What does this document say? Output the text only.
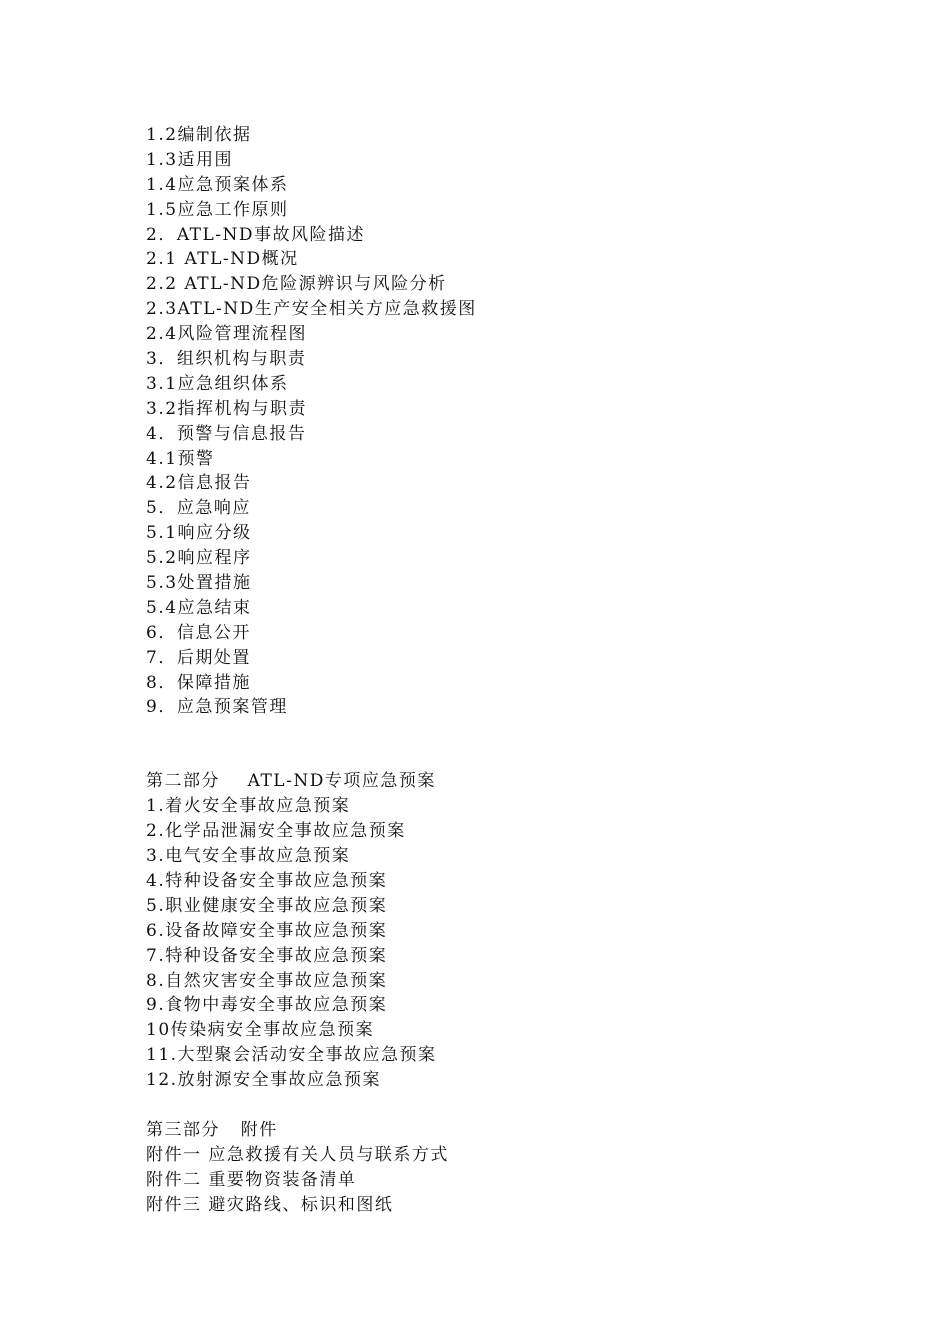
1.2编制依据
1.3适用围
1.4应急预案体系
1.5应急工作原则
2．ATL-ND事故风险描述
2.1 ATL-ND概况
2.2 ATL-ND危险源辨识与风险分析
2.3ATL-ND生产安全相关方应急救援图
2.4风险管理流程图
3．组织机构与职责
3.1应急组织体系
3.2指挥机构与职责
4．预警与信息报告
4.1预警
4.2信息报告
5．应急响应
5.1响应分级
5.2响应程序
5.3处置措施
5.4应急结束
6．信息公开
7．后期处置
8．保障措施
9．应急预案管理
第二部分    ATL-ND专项应急预案
1.着火安全事故应急预案
2.化学品泄漏安全事故应急预案
3.电气安全事故应急预案
4.特种设备安全事故应急预案
5.职业健康安全事故应急预案
6.设备故障安全事故应急预案
7.特种设备安全事故应急预案
8.自然灾害安全事故应急预案
9.食物中毒安全事故应急预案
10传染病安全事故应急预案
11.大型聚会活动安全事故应急预案
12.放射源安全事故应急预案
第三部分   附件
附件一 应急救援有关人员与联系方式
附件二 重要物资装备清单
附件三 避灾路线、标识和图纸
